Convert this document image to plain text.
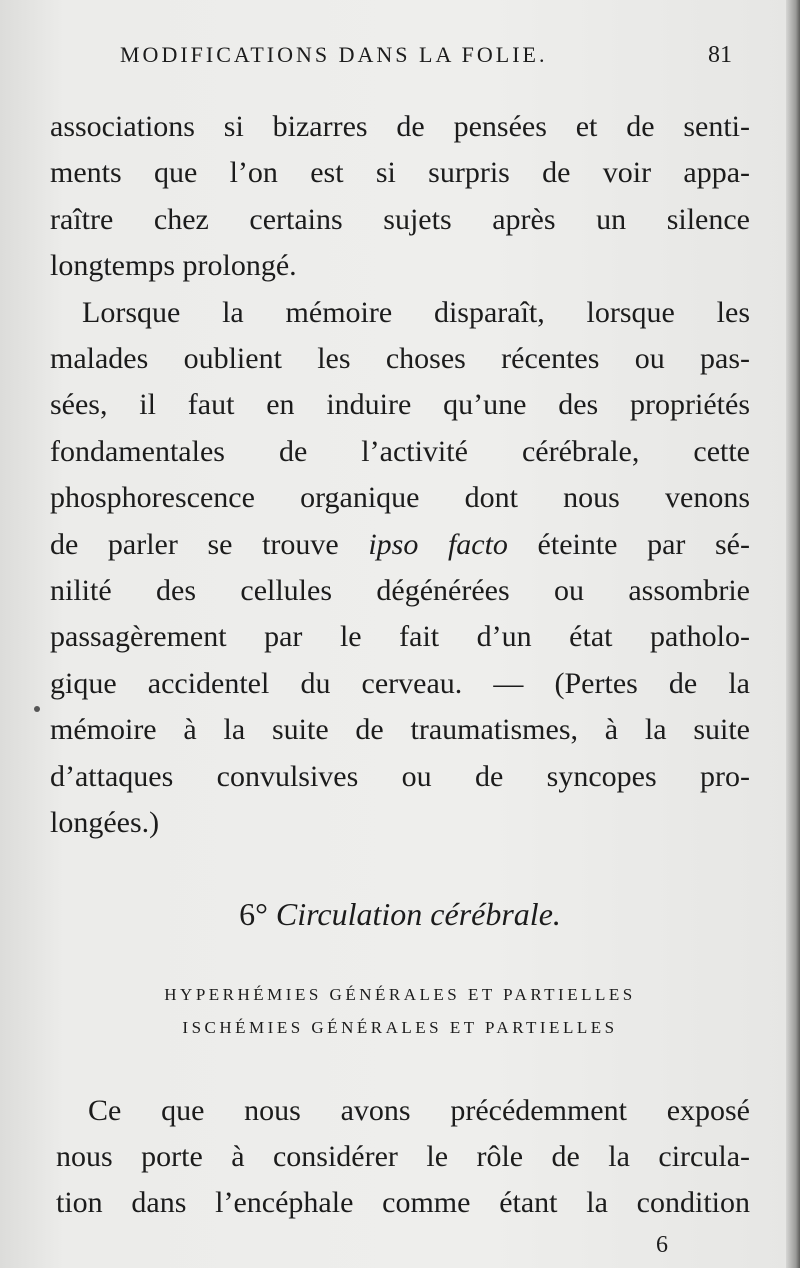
MODIFICATIONS DANS LA FOLIE.	81
associations si bizarres de pensées et de senti-
ments que l’on est si surpris de voir appa-
raître chez certains sujets après un silence
longtemps prolongé.
Lorsque la mémoire disparaît, lorsque les
malades oublient les choses récentes ou pas-
sées, il faut en induire qu’une des propriétés
fondamentales de l’activité cérébrale, cette
phosphorescence organique dont nous venons
de parler se trouve ipso facto éteinte par sé-
nilité des cellules dégénérées ou assombrie
passagèrement par le fait d’un état patholo-
gique accidentel du cerveau. — (Pertes de la
mémoire à la suite de traumatismes, à la suite
d’attaques convulsives ou de syncopes pro-
longées.)
6° Circulation cérébrale.
HYPERHÉMIES GÉNÉRALES ET PARTIELLES
ISCHÉMIES GÉNÉRALES ET PARTIELLES
Ce que nous avons précédemment exposé
nous porte à considérer le rôle de la circula-
tion dans l’encéphale comme étant la condition
6
